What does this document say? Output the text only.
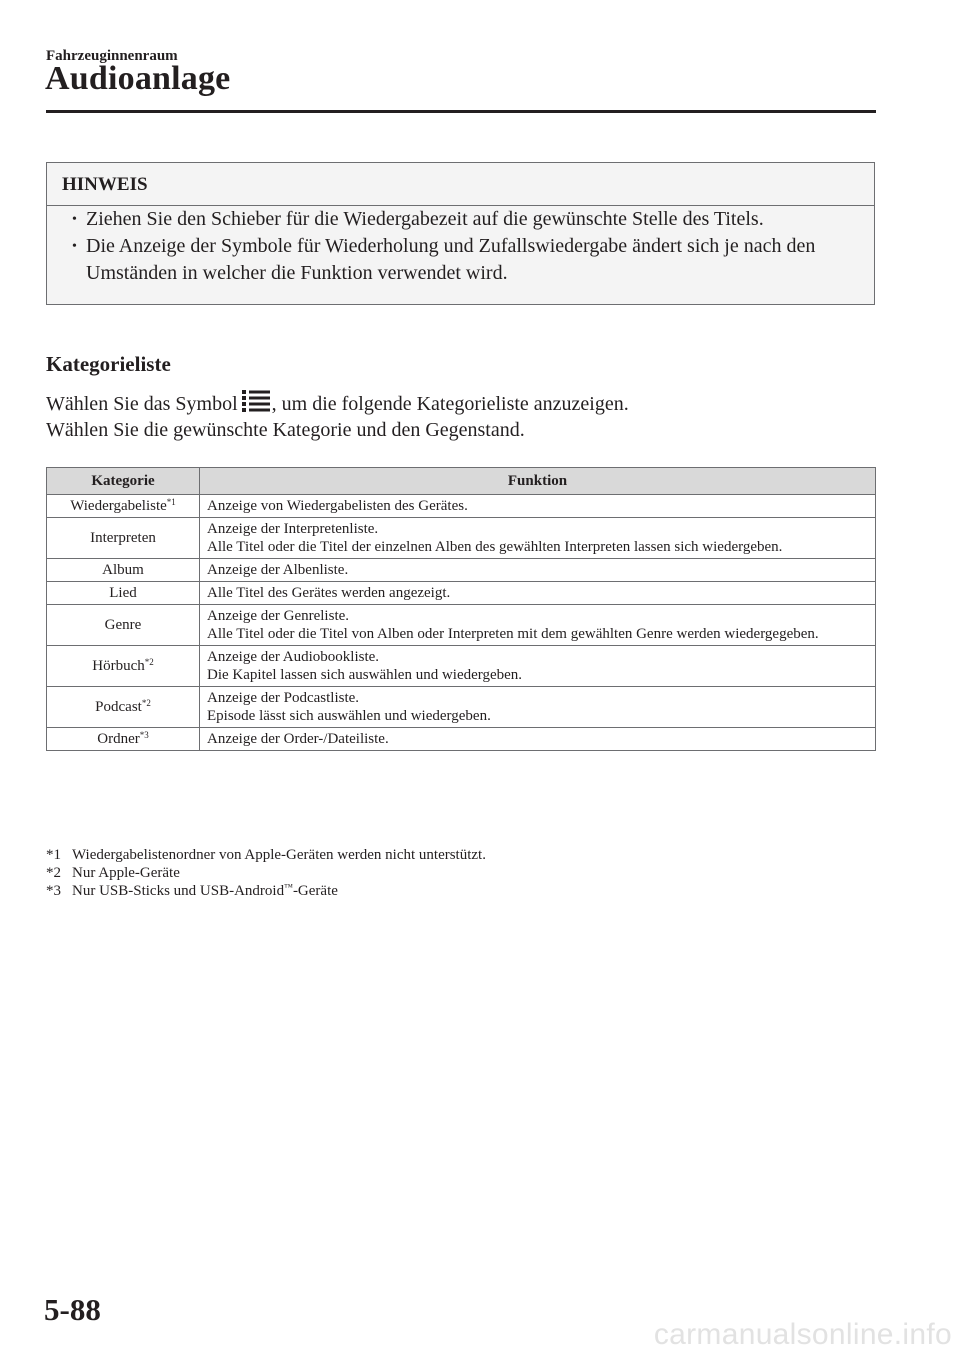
Fahrzeuginnenraum
Audioanlage
HINWEIS
• Ziehen Sie den Schieber für die Wiedergabezeit auf die gewünschte Stelle des Titels.
• Die Anzeige der Symbole für Wiederholung und Zufallswiedergabe ändert sich je nach den Umständen in welcher die Funktion verwendet wird.
Kategorieliste
Wählen Sie das Symbol , um die folgende Kategorieliste anzuzeigen.
Wählen Sie die gewünschte Kategorie und den Gegenstand.
Kategorie	Funktion
Wiedergabeliste$^{*1}$	Anzeige von Wiedergabelisten des Gerätes.

Interpreten	Anzeige der Interpretenliste.
Alle Titel oder die Titel der einzelnen Alben des gewählten Interpreten lassen sich wiedergeben.

Album	Anzeige der Albenliste.

Lied	Alle Titel des Gerätes werden angezeigt.

Genre	Anzeige der Genreliste.
Alle Titel oder die Titel von Alben oder Interpreten mit dem gewählten Genre werden wiedergegeben.

Hörbuch$^{*2}$	Anzeige der Audiobookliste.
Die Kapitel lassen sich auswählen und wiedergeben.

Podcast$^{*2}$	Anzeige der Podcastliste.
Episode lässt sich auswählen und wiedergeben.

Ordner$^{*3}$	Anzeige der Order-/Dateiliste.
*1 Wiedergabelistenordner von Apple-Geräten werden nicht unterstützt.
*2 Nur Apple-Geräte
*3 Nur USB-Sticks und USB-Android™-Geräte
5-88
carmanualsonline.info
